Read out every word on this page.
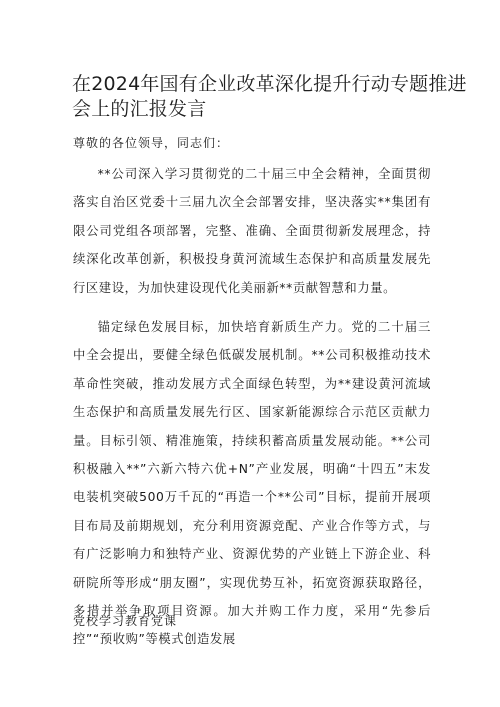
在2024年国有企业改革深化提升行动专题推进会上的汇报发言

尊敬的各位领导，同志们：

**公司深入学习贯彻党的二十届三中全会精神，全面贯彻落实自治区党委十三届九次全会部署安排，坚决落实**集团有限公司党组各项部署，完整、准确、全面贯彻新发展理念，持续深化改革创新，积极投身黄河流域生态保护和高质量发展先行区建设，为加快建设现代化美丽新**贡献智慧和力量。

锚定绿色发展目标，加快培育新质生产力。党的二十届三中全会提出，要健全绿色低碳发展机制。**公司积极推动技术革命性突破，推动发展方式全面绿色转型，为**建设黄河流域生态保护和高质量发展先行区、国家新能源综合示范区贡献力量。目标引领、精准施策，持续积蓄高质量发展动能。**公司积极融入**”六新六特六优+N”产业发展，明确“十四五”末发电装机突破500万千瓦的“再造一个**公司”目标，提前开展项目布局及前期规划，充分利用资源竞配、产业合作等方式，与有广泛影响力和独特产业、资源优势的产业链上下游企业、科研院所等形成“朋友圈”，实现优势互补，拓宽资源获取路径，多措并举争取项目资源。加大并购工作力度，采用“先参后控”“预收购”等模式创造发展

党校学习教育党课
